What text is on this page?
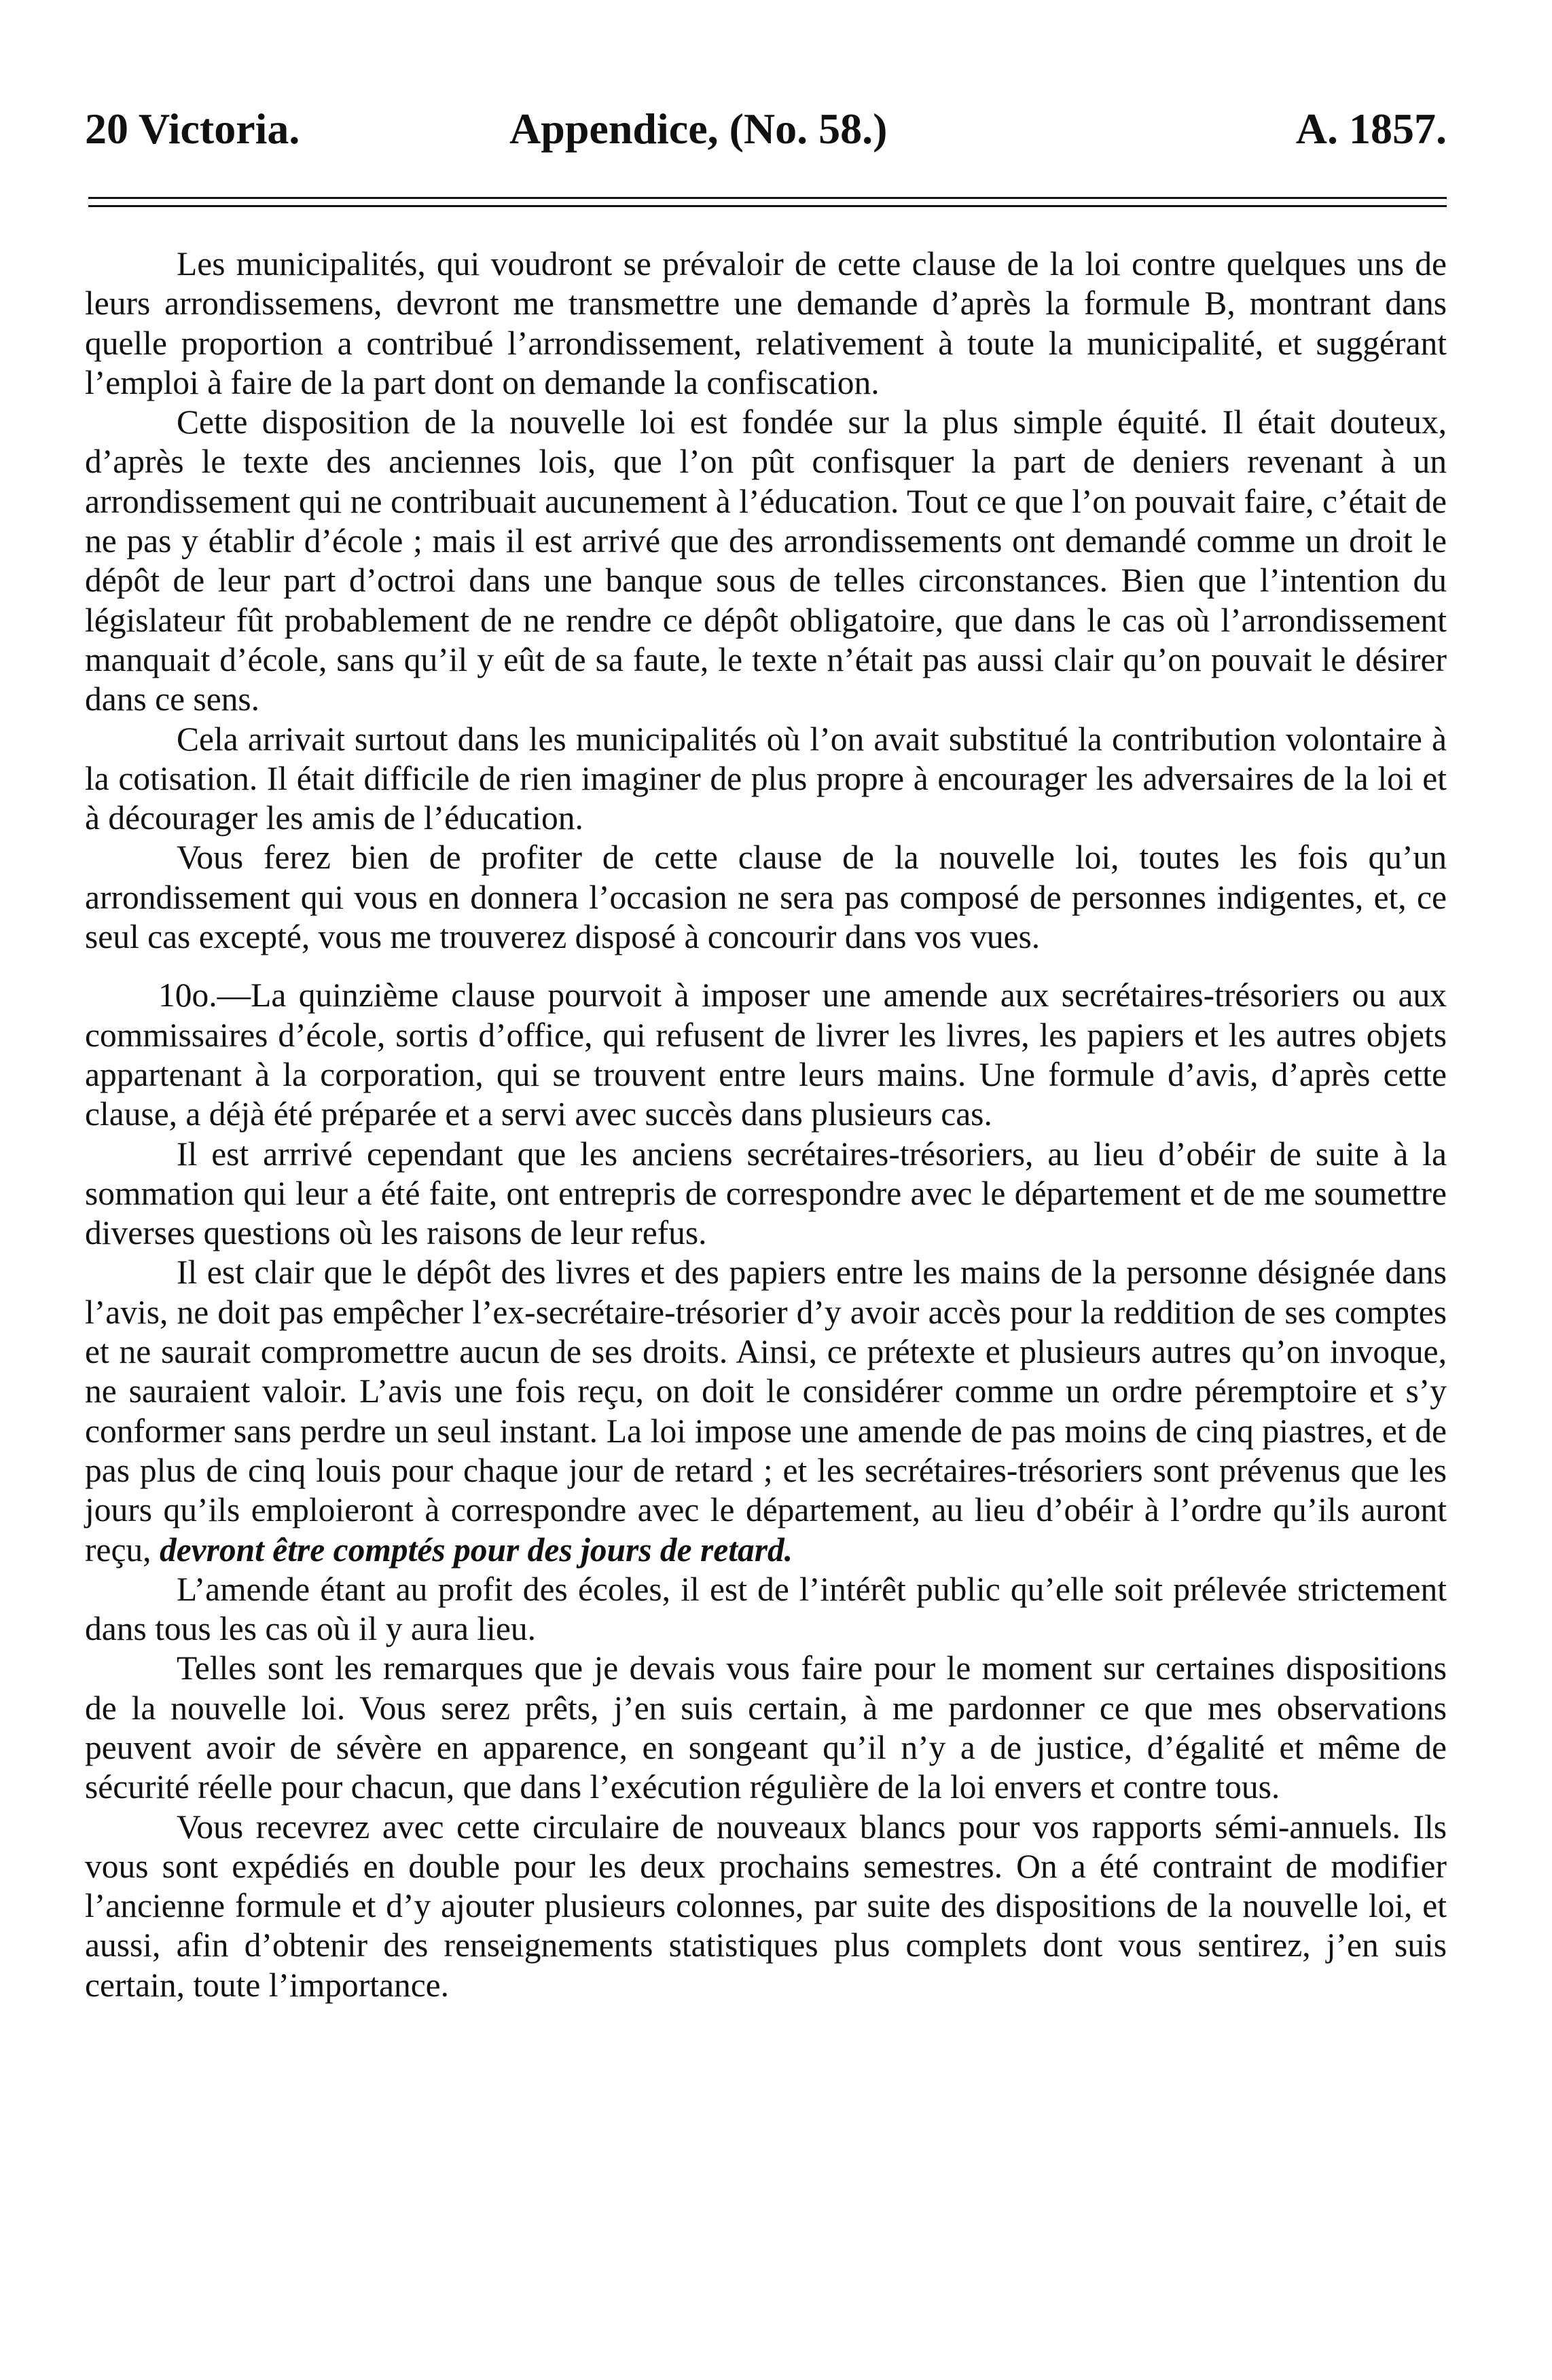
20 Victoria.	Appendice, (No. 58.)	A. 1857.

Les municipalités, qui voudront se prévaloir de cette clause de la loi contre quelques uns de leurs arrondissemens, devront me transmettre une demande d’après la formule B, montrant dans quelle proportion a contribué l’arrondissement, relativement à toute la municipalité, et suggérant l’emploi à faire de la part dont on demande la confiscation.

Cette disposition de la nouvelle loi est fondée sur la plus simple équité. Il était douteux, d’après le texte des anciennes lois, que l’on pût confisquer la part de deniers revenant à un arrondissement qui ne contribuait aucunement à l’éducation. Tout ce que l’on pouvait faire, c’était de ne pas y établir d’école ; mais il est arrivé que des arrondissements ont demandé comme un droit le dépôt de leur part d’octroi dans une banque sous de telles circonstances. Bien que l’intention du législateur fût probablement de ne rendre ce dépôt obligatoire, que dans le cas où l’arrondissement manquait d’école, sans qu’il y eût de sa faute, le texte n’était pas aussi clair qu’on pouvait le désirer dans ce sens.

Cela arrivait surtout dans les municipalités où l’on avait substitué la contribution volontaire à la cotisation. Il était difficile de rien imaginer de plus propre à encourager les adversaires de la loi et à décourager les amis de l’éducation.

Vous ferez bien de profiter de cette clause de la nouvelle loi, toutes les fois qu’un arrondissement qui vous en donnera l’occasion ne sera pas composé de personnes indigentes, et, ce seul cas excepté, vous me trouverez disposé à concourir dans vos vues.

10o.—La quinzième clause pourvoit à imposer une amende aux secrétaires-trésoriers ou aux commissaires d’école, sortis d’office, qui refusent de livrer les livres, les papiers et les autres objets appartenant à la corporation, qui se trouvent entre leurs mains. Une formule d’avis, d’après cette clause, a déjà été préparée et a servi avec succès dans plusieurs cas.

Il est arrrivé cependant que les anciens secrétaires-trésoriers, au lieu d’obéir de suite à la sommation qui leur a été faite, ont entrepris de correspondre avec le département et de me soumettre diverses questions où les raisons de leur refus.

Il est clair que le dépôt des livres et des papiers entre les mains de la personne désignée dans l’avis, ne doit pas empêcher l’ex-secrétaire-trésorier d’y avoir accès pour la reddition de ses comptes et ne saurait compromettre aucun de ses droits. Ainsi, ce prétexte et plusieurs autres qu’on invoque, ne sauraient valoir. L’avis une fois reçu, on doit le considérer comme un ordre péremptoire et s’y conformer sans perdre un seul instant. La loi impose une amende de pas moins de cinq piastres, et de pas plus de cinq louis pour chaque jour de retard ; et les secrétaires-trésoriers sont prévenus que les jours qu’ils emploieront à correspondre avec le département, au lieu d’obéir à l’ordre qu’ils auront reçu, devront être comptés pour des jours de retard.

L’amende étant au profit des écoles, il est de l’intérêt public qu’elle soit prélevée strictement dans tous les cas où il y aura lieu.

Telles sont les remarques que je devais vous faire pour le moment sur certaines dispositions de la nouvelle loi. Vous serez prêts, j’en suis certain, à me pardonner ce que mes observations peuvent avoir de sévère en apparence, en songeant qu’il n’y a de justice, d’égalité et même de sécurité réelle pour chacun, que dans l’exécution régulière de la loi envers et contre tous.

Vous recevrez avec cette circulaire de nouveaux blancs pour vos rapports sémi-annuels. Ils vous sont expédiés en double pour les deux prochains semestres. On a été contraint de modifier l’ancienne formule et d’y ajouter plusieurs colonnes, par suite des dispositions de la nouvelle loi, et aussi, afin d’obtenir des renseignements statistiques plus complets dont vous sentirez, j’en suis certain, toute l’importance.
